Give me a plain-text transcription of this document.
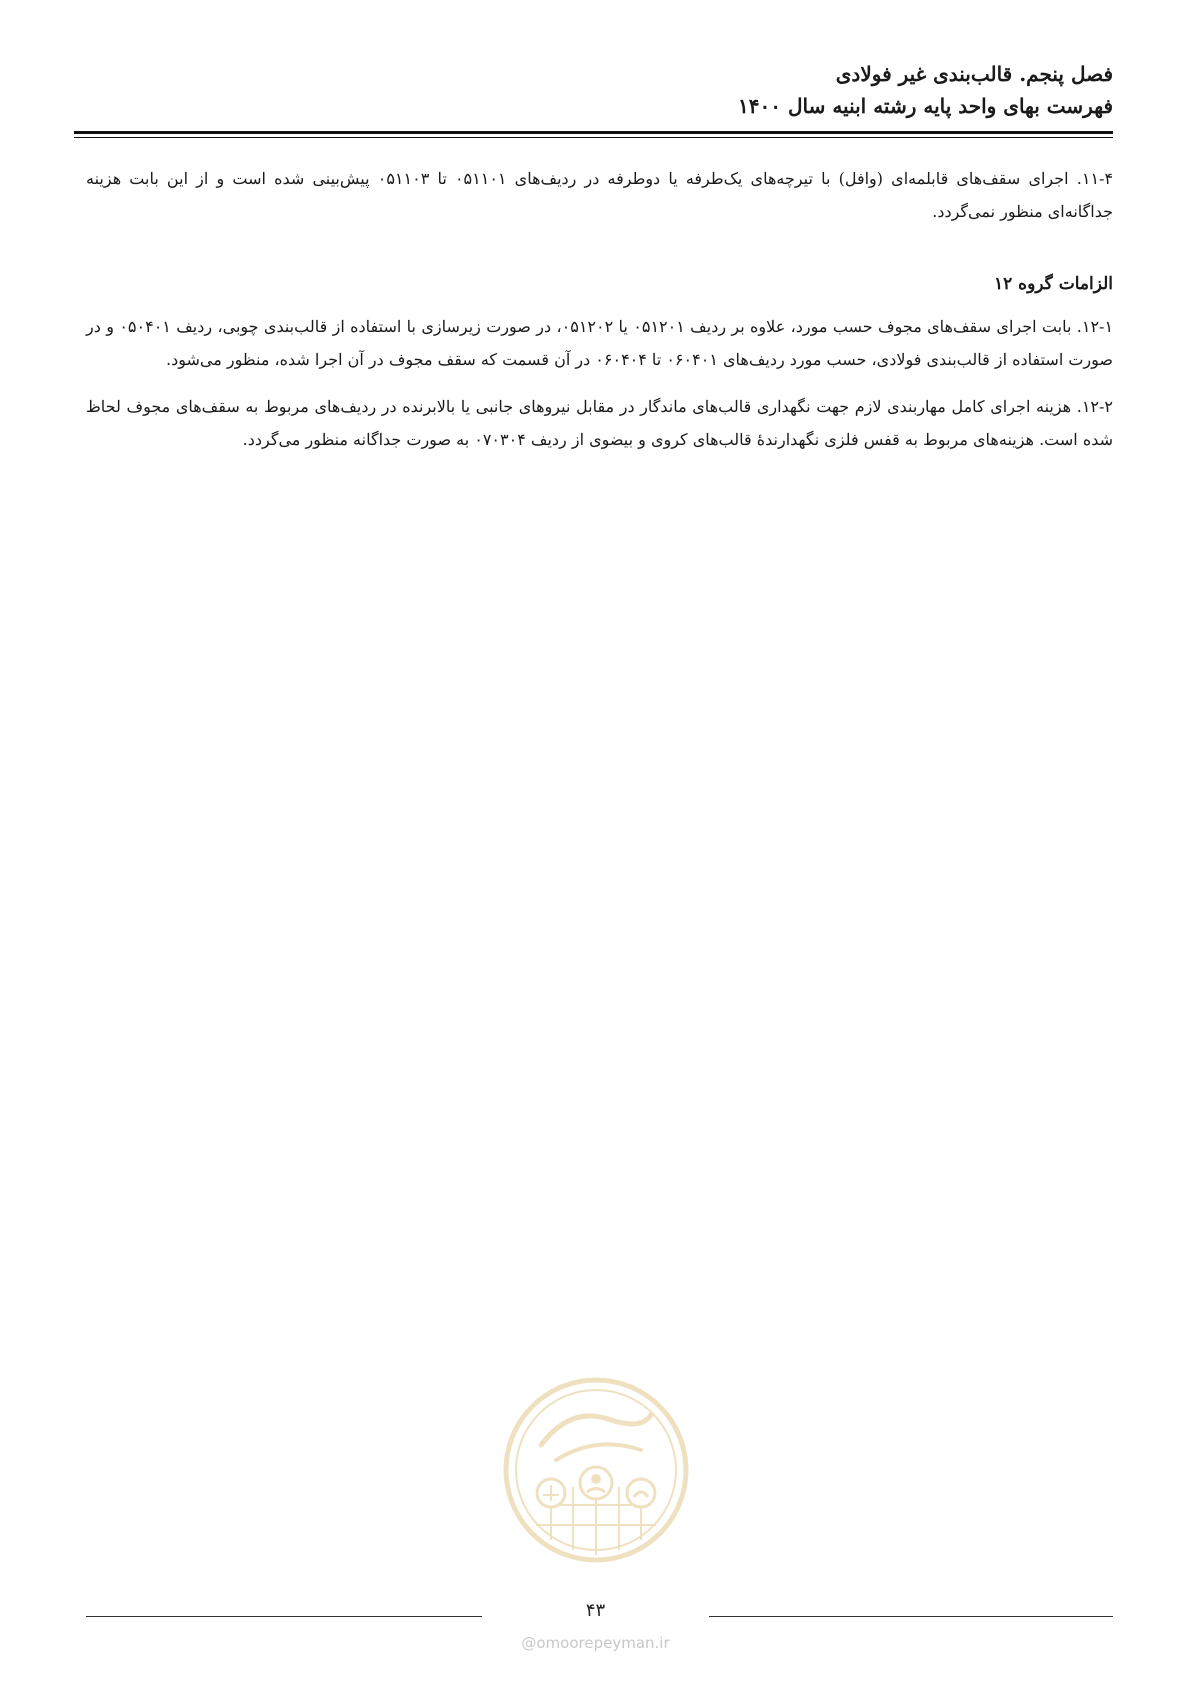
فصل پنجم. قالب‌بندی غیر فولادی

فهرست بهای واحد پایه رشته ابنیه سال ۱۴۰۰

۱۱-۴. اجرای سقف‌های قابلمه‌ای (وافل) با تیرچه‌های یک‌طرفه یا دوطرفه در ردیف‌های ۰۵۱۱۰۱ تا ۰۵۱۱۰۳ پیش‌بینی شده است و از این بابت هزینه جداگانه‌ای منظور نمی‌گردد.

الزامات گروه ۱۲

۱۲-۱. بابت اجرای سقف‌های مجوف حسب مورد، علاوه بر ردیف ۰۵۱۲۰۱ یا ۰۵۱۲۰۲، در صورت زیرسازی با استفاده از قالب‌بندی چوبی، ردیف ۰۵۰۴۰۱ و در صورت استفاده از قالب‌بندی فولادی، حسب مورد ردیف‌های ۰۶۰۴۰۱ تا ۰۶۰۴۰۴ در آن قسمت که سقف مجوف در آن اجرا شده، منظور می‌شود.

۱۲-۲. هزینه اجرای کامل مهاربندی لازم جهت نگهداری قالب‌های ماندگار در مقابل نیروهای جانبی یا بالابرنده در ردیف‌های مربوط به سقف‌های مجوف لحاظ شده است. هزینه‌های مربوط به قفس فلزی نگهدارندهٔ قالب‌های کروی و بیضوی از ردیف ۰۷۰۳۰۴ به صورت جداگانه منظور می‌گردد.

۴۳
@omoorepeyman.ir
